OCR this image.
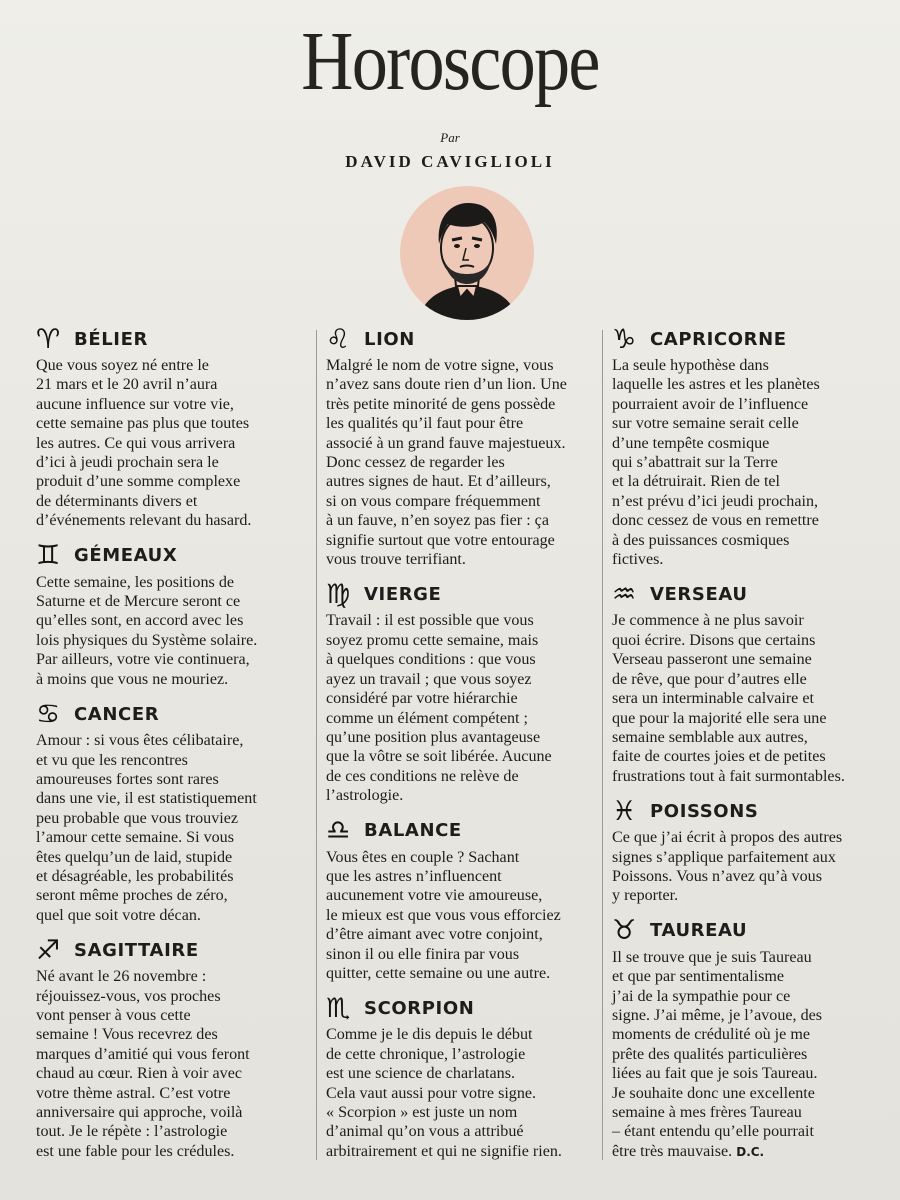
Horoscope
Par
DAVID CAVIGLIOLI
♈ BÉLIER

Que vous soyez né entre le
21 mars et le 20 avril n’aura
aucune influence sur votre vie,
cette semaine pas plus que toutes
les autres. Ce qui vous arrivera
d’ici à jeudi prochain sera le
produit d’une somme complexe
de déterminants divers et
d’événements relevant du hasard.

♊ GÉMEAUX

Cette semaine, les positions de
Saturne et de Mercure seront ce
qu’elles sont, en accord avec les
lois physiques du Système solaire.
Par ailleurs, votre vie continuera,
à moins que vous ne mouriez.

♋ CANCER

Amour : si vous êtes célibataire,
et vu que les rencontres
amoureuses fortes sont rares
dans une vie, il est statistiquement
peu probable que vous trouviez
l’amour cette semaine. Si vous
êtes quelqu’un de laid, stupide
et désagréable, les probabilités
seront même proches de zéro,
quel que soit votre décan.

♐ SAGITTAIRE

Né avant le 26 novembre :
réjouissez-vous, vos proches
vont penser à vous cette
semaine ! Vous recevrez des
marques d’amitié qui vous feront
chaud au cœur. Rien à voir avec
votre thème astral. C’est votre
anniversaire qui approche, voilà
tout. Je le répète : l’astrologie
est une fable pour les crédules.

♌ LION

Malgré le nom de votre signe, vous
n’avez sans doute rien d’un lion. Une
très petite minorité de gens possède
les qualités qu’il faut pour être
associé à un grand fauve majestueux.
Donc cessez de regarder les
autres signes de haut. Et d’ailleurs,
si on vous compare fréquemment
à un fauve, n’en soyez pas fier : ça
signifie surtout que votre entourage
vous trouve terrifiant.

♍ VIERGE

Travail : il est possible que vous
soyez promu cette semaine, mais
à quelques conditions : que vous
ayez un travail ; que vous soyez
considéré par votre hiérarchie
comme un élément compétent ;
qu’une position plus avantageuse
que la vôtre se soit libérée. Aucune
de ces conditions ne relève de
l’astrologie.

♎ BALANCE

Vous êtes en couple ? Sachant
que les astres n’influencent
aucunement votre vie amoureuse,
le mieux est que vous vous efforciez
d’être aimant avec votre conjoint,
sinon il ou elle finira par vous
quitter, cette semaine ou une autre.

♏ SCORPION

Comme je le dis depuis le début
de cette chronique, l’astrologie
est une science de charlatans.
Cela vaut aussi pour votre signe.
« Scorpion » est juste un nom
d’animal qu’on vous a attribué
arbitrairement et qui ne signifie rien.

♑ CAPRICORNE

La seule hypothèse dans
laquelle les astres et les planètes
pourraient avoir de l’influence
sur votre semaine serait celle
d’une tempête cosmique
qui s’abattrait sur la Terre
et la détruirait. Rien de tel
n’est prévu d’ici jeudi prochain,
donc cessez de vous en remettre
à des puissances cosmiques
fictives.

♒ VERSEAU

Je commence à ne plus savoir
quoi écrire. Disons que certains
Verseau passeront une semaine
de rêve, que pour d’autres elle
sera un interminable calvaire et
que pour la majorité elle sera une
semaine semblable aux autres,
faite de courtes joies et de petites
frustrations tout à fait surmontables.

♓ POISSONS

Ce que j’ai écrit à propos des autres
signes s’applique parfaitement aux
Poissons. Vous n’avez qu’à vous
y reporter.

♉ TAUREAU

Il se trouve que je suis Taureau
et que par sentimentalisme
j’ai de la sympathie pour ce
signe. J’ai même, je l’avoue, des
moments de crédulité où je me
prête des qualités particulières
liées au fait que je sois Taureau.
Je souhaite donc une excellente
semaine à mes frères Taureau
– étant entendu qu’elle pourrait
être très mauvaise. D.C.
